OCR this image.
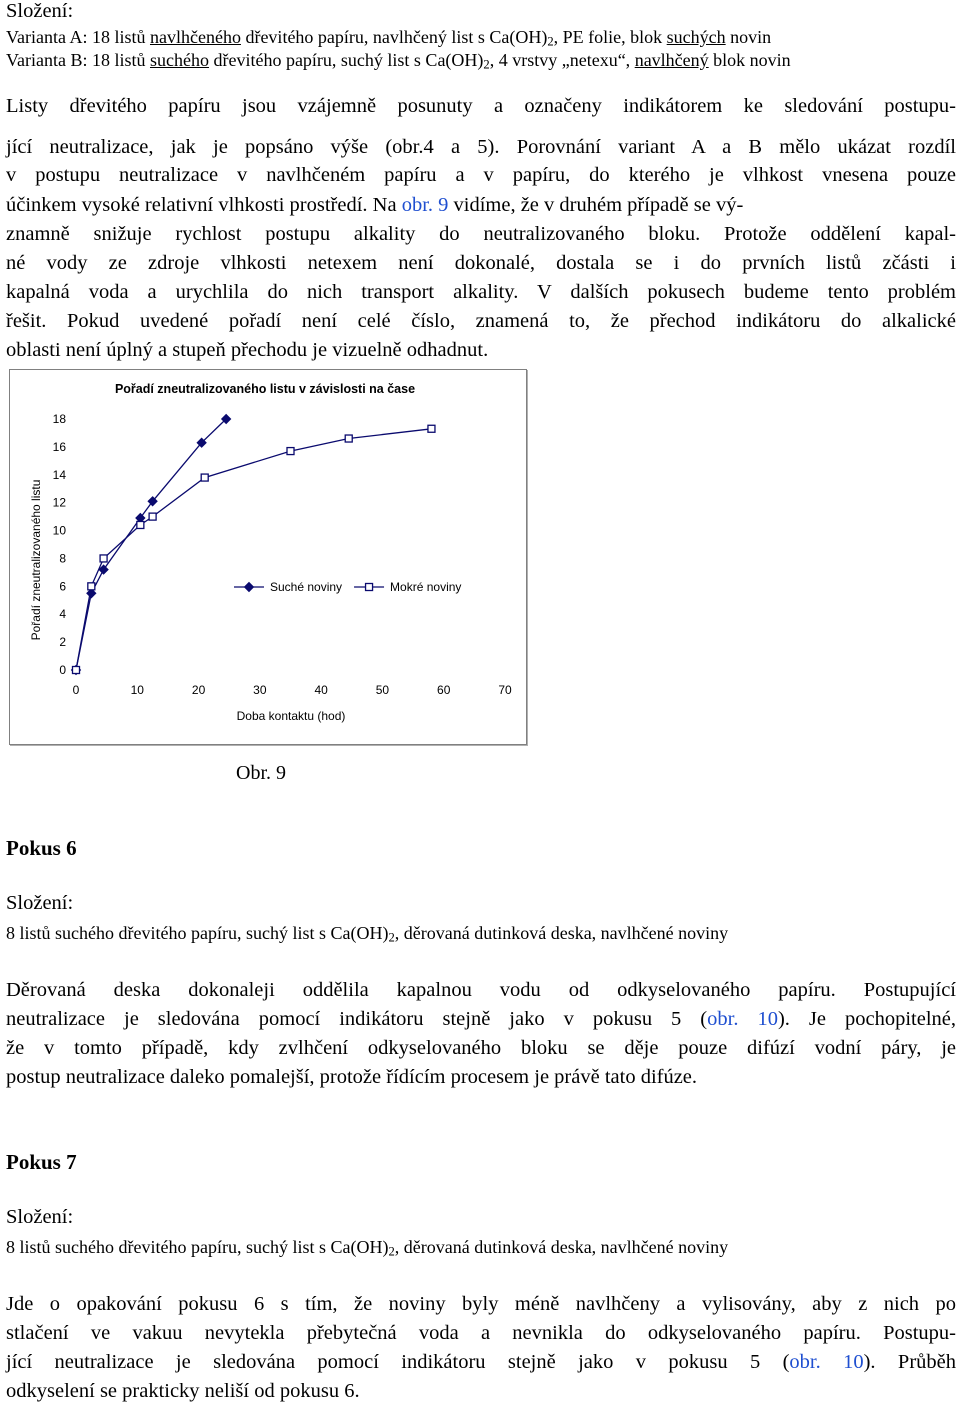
Složení:

Varianta A: 18 listů navlhčeného dřevitého papíru, navlhčený list s $Ca(OH)_2$, PE folie, blok suchých novin

Varianta B: 18 listů suchého dřevitého papíru, suchý list s $Ca(OH)_2$, 4 vrstvy „netexu“, navlhčený blok novin

Listy dřevitého papíru jsou vzájemně posunuty a označeny indikátorem ke sledování postupu-

jící neutralizace, jak je popsáno výše (obr.4 a 5). Porovnání variant A a B mělo ukázat rozdíl

v postupu neutralizace v navlhčeném papíru a v papíru, do kterého je vlhkost vnesena pouze

účinkem vysoké relativní vlhkosti prostředí. Na obr. 9 vidíme, že v druhém případě se vý-

znamně snižuje rychlost postupu alkality do neutralizovaného bloku. Protože oddělení kapal-

né vody ze zdroje vlhkosti netexem není dokonalé, dostala se i do prvních listů zčásti i

kapalná voda a urychlila do nich transport alkality. V dalších pokusech budeme tento problém

řešit. Pokud uvedené pořadí není celé číslo, znamená to, že přechod indikátoru do alkalické

oblasti není úplný a stupeň přechodu je vizuelně odhadnut.

Pořadí zneutralizovaného listu v závislosti na čase
Pořadí zneutralizovaného listu
Doba kontaktu (hod)
0
2
4
6
8
10
12
14
16
18
0	10	20	30	40	50	60	70
Suché noviny	Mokré noviny

Obr. 9

Pokus 6

Složení:

8 listů suchého dřevitého papíru, suchý list s $Ca(OH)_2$, děrovaná dutinková deska, navlhčené noviny

Děrovaná deska dokonaleji oddělila kapalnou vodu od odkyselovaného papíru. Postupující

neutralizace je sledována pomocí indikátoru stejně jako v pokusu 5 (obr. 10). Je pochopitelné,

že v tomto případě, kdy zvlhčení odkyselovaného bloku se děje pouze difúzí vodní páry, je

postup neutralizace daleko pomalejší, protože řídícím procesem je právě tato difúze.

Pokus 7

Složení:

8 listů suchého dřevitého papíru, suchý list s $Ca(OH)_2$, děrovaná dutinková deska, navlhčené noviny

Jde o opakování pokusu 6 s tím, že noviny byly méně navlhčeny a vylisovány, aby z nich po

stlačení ve vakuu nevytekla přebytečná voda a nevnikla do odkyselovaného papíru. Postupu-

jící neutralizace je sledována pomocí indikátoru stejně jako v pokusu 5 (obr. 10). Průběh

odkyselení se prakticky neliší od pokusu 6.
